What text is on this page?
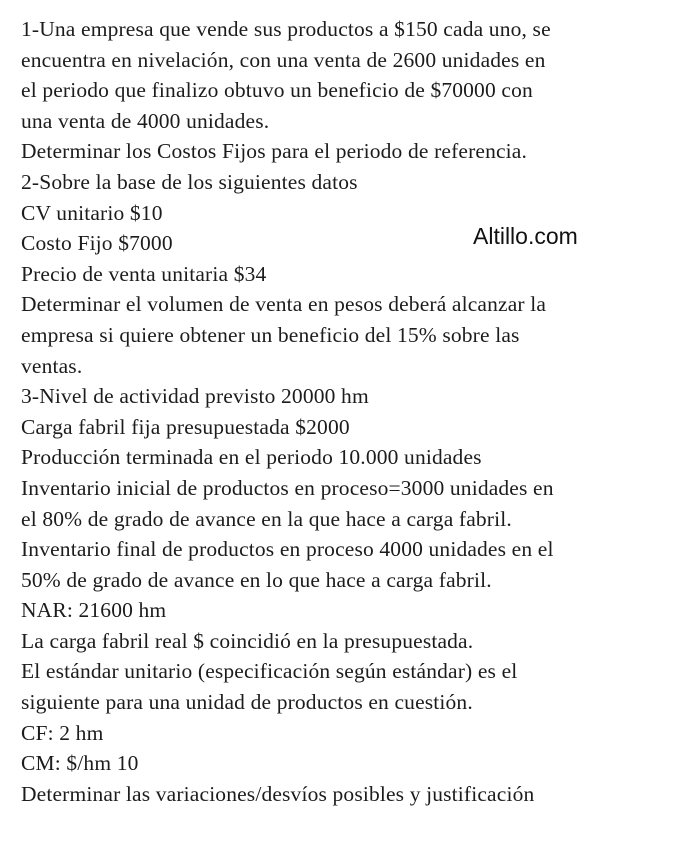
1-Una empresa que vende sus productos a $150 cada uno, se
encuentra en nivelación, con una venta de 2600 unidades en
el periodo que finalizo obtuvo un beneficio de $70000 con
una venta de 4000 unidades.
Determinar los Costos Fijos para el periodo de referencia.
2-Sobre la base de los siguientes datos
CV unitario $10
Costo Fijo $7000
Precio de venta unitaria $34
Determinar el volumen de venta en pesos deberá alcanzar la
empresa si quiere obtener un beneficio del 15% sobre las
ventas.
3-Nivel de actividad previsto 20000 hm
Carga fabril fija presupuestada $2000
Producción terminada en el periodo 10.000 unidades
Inventario inicial de productos en proceso=3000 unidades en
el 80% de grado de avance en la que hace a carga fabril.
Inventario final de productos en proceso 4000 unidades en el
50% de grado de avance en lo que hace a carga fabril.
NAR: 21600 hm
La carga fabril real $ coincidió en la presupuestada.
El estándar unitario (especificación según estándar) es el
siguiente para una unidad de productos en cuestión.
CF: 2 hm
CM: $/hm 10
Determinar las variaciones/desvíos posibles y justificación
Altillo.com
